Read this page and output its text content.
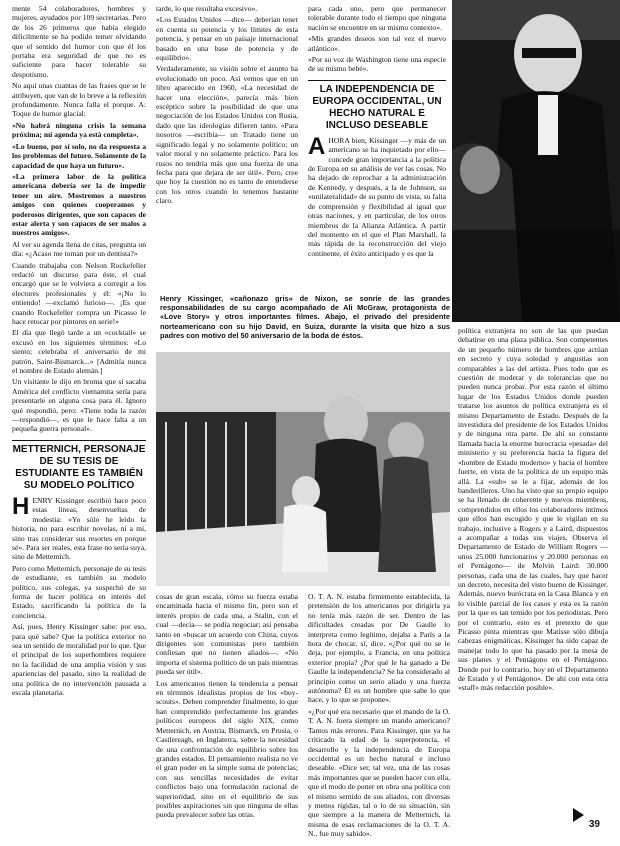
mente 54 colaboradores, hombres y mujeres, ayudados por 109 secretarias. Pero de los 26 primeros que había elegido difícilmente se ha podido temer olvidando que el sentido del humor con que él los portaba era seguridad de que no es suficiente para hacer tolerable su despotismo.

No aquí unas cuantas de las frases que se le atribuyen, que van de lo breve a la reflexión profundamente. Nunca falla el porque. A: Toque de humor glacial:

«No habrá ninguna crisis la semana próxima; mi agenda ya está completa».

«Lo bueno, por sí solo, no da respuesta a los problemas del futuro. Solamente de la capacidad de que haya un futuro».

«La primera labor de la política americana debería ser la de impedir tener un aire. Mostremos a nuestros amigos con quienes cooperamos y poderosos dirigentes, que son capaces de estar alerta y son capaces de ser malos a nuestros amigos».

Al ver su agenda llena de citas, pregunta un día: «¿Acaso me toman por un dentista?»

Cuando trabajaba con Nelson Rockefeller redactó un discurso para éste, el cual encargó que se le volviera a corregir a los electores profesionales y él: «¡No lo entiendo! —exclamó furioso—. ¡Es que cuando Rockefeller compra un Picasso le hace retocar por pintores en serie!»

El día que llegó tarde a un «cocktail» se excusó en los siguientes términos: «Lo siento; celebraba el aniversario de mi patrón, Saint-Bismarck...» [Admitía nunca el nombre de Estado alemán.]

Un visitante le dijo en broma que si sacaba América del conflicto vietnamita sería para presentarle en alguna cosa para él. Ignoro qué respondió, pero: «Tiene toda la razón —respondió—, es que le hace falta a un pequeña guerra personal».

METTERNICH, PERSONAJE DE SU TESIS DE ESTUDIANTE ES TAMBIÉN SU MODELO POLÍTICO

H ENRY Kissinger escribió hace poco estas líneas, desenvueltas de modestia: «Yo sólo he leído la historia, no para escribir novelas, ni a mí, sino tras considerar sus resortes en porque sé». Para ser reales, esta frase no sería suya, sino de Metternich.

Pero como Metternich, personaje de su tesis de estudiante, es también su modelo político, sus colegas, ya sospechó de su forma de hacer política en interés del Estado, sacrificando la política de la conciencia.

Así, pues, Henry Kissinger sabe: por eso, para qué sabe? Que la política exterior no sea un sentido de moralidad por lo que. Que el principal de los superhombres requiere no la facilidad de una amplia visión y sus apariencias del pasado, sino la realidad de una política de no intervención pausada a escala planetaria.

tarde, lo que resultaba excesivo».

«Los Estados Unidos —dice— deberían tener en cuenta su potencia y los límites de esta potencia, y pensar en un paisaje internacional basado en una base de potencia y de equilibrio».

Verdaderamente, su visión sobre el asunto ha evolucionado un poco. Así vemos que en un libro aparecido en 1960, «La necesidad de hacer una elección», parecía más bien escéptico sobre la posibilidad de que una negociación de los Estados Unidos con Rusia, dado que las ideologías difieren tanto. «Para nosotros —escribía— un Tratado tiene un significado legal y no solamente político; un valor moral y no solamente práctico. Para los rusos no tendría más que una fuerza de una fecha para que dejara de ser útil». Pero, cree que hoy la cuestión no es tanto de entenderse con los otros cuando lo tenemos bastante claro.

para cada uno, pero que permanecer tolerable durante todo el tiempo que ninguna nación se encuentre en su mismo contexto».

«Mis grandes deseos son tal vez el nuevo atlántico».

«Por su voz de Washington tiene una especie de su mismo bebé».

LA INDEPENDENCIA DE EUROPA OCCIDENTAL, UN HECHO NATURAL E INCLUSO DESEABLE

A HORA bien, Kissinger —y más de un americano se ha inquietado por ello— concede gran importancia a la política de Europa en su análisis de ver las cosas. No ha dejado de reprochar a la administración de Kennedy, y después, a la de Johnson, su «unilateralidad» de su punto de vista, su falta de comprensión y flexibilidad al igual que otras naciones, y en particular, de los otros miembros de la Alianza Atlántica. A partir del momento en el que el Plan Marshall, la más rápida de la reconstrucción del viejo continente, el éxito anticipado y es que la

Henry Kissinger, «cañonazo gris» de Nixon, se sonríe de las grandes responsabilidades de su cargo acompañado de Ali McGraw, protagonista de «Love Story» y otros importantes filmes. Abajo, el privado del presidente norteamericano con su hijo David, en Suiza, durante la visita que hizo a sus padres con motivo del 50 aniversario de la boda de éstos.

cosas de gran escala, cómo su fuerza estaba encaminada hacia el mismo fin, pero son el interés propio de cada una, a Stalin, con el cual —decía— se podía negociar; así pensaba tanto en «buscar un acuerdo con China, cuyos dirigentes son comunistas pero también confiesan que no tienen aliados—. «No importa el sistema político de un país mientras pueda ser útil».

Los americanos tienen la tendencia a pensar en términos idealistas propios de los «boy-scouts». Deben comprender finalmente, lo que han comprendido perfectamente los grandes políticos europeos del siglo XIX, como Metternich, en Austria, Bismarck, en Prusia, o Castlereagh, en Inglaterra, sobre la necesidad de una confrontación de equilibrio sobre los grandes estados. El pensamiento realista no ve el gran poder en la simple suma de potencias; con sus sencillas necesidades de evitar conflictos bajo una formulación racional de superioridad, sino en el equilibrio de sus posibles aspiraciones sin que ninguna de ellas pueda prevalecer sobre las otras.

O. T. A. N. estaba firmemente establecida, la pretensión de los americanos por dirigirla ya no tenía más razón de ser. Dentro de las dificultades creadas por De Gaulle lo interpreta como legítimo, dejaba a París a la hora de chocar, sí, dice, «¿Por qué no se le deja, por ejemplo, a Francia, en una política exterior propia? ¿Por qué le ha ganado a De Gaulle la independencia? Se ha considerado al principio como un serio aliado y una fuerza autónoma? Él es un hombre que sabe lo que hace, y lo que se propone».

«¿Por qué era necesario que el mando de la O. T. A. N. fuera siempre un mando americano? Tantos más errores. Para Kissinger, que ya ha criticado la edad de la superpotencia, el desarrollo y la independencia de Europa occidental es un hecho natural e incluso deseable. «Dice ser, tal vez, una de las cosas más importantes que se pueden hacer con ella, que el modo de poner en obra una política con el mismo sentido de sus aliados, con diversas y menos rígidas, tal o lo de su situación, sin que siempre a la manera de Metternich, la misma de esas reclamaciones de la O. T. A. N., fue muy sabido».

política extranjera no son de las que puedan debatirse en una plaza pública. Son competentes de un pequeño número de hombres que actúan en secreto y cuya soledad y angustias son comparables a las del artista. Pues todo que es cuestión de moderar y de tolerancias que no pueden nunca probar. Por esta razón el último lugar de los Estados Unidos donde pueden tratarse los asuntos de política extranjera es el mismo Departamento de Estado. Después de la investidura del presidente de los Estados Unidos y de ninguna otra parte. De ahí su constante llamada hacia la enorme burocracia «pesada» del ministerio y su preferencia hacia la figura del «hombre de Estado moderno» y hacia el hombre fuerte, en vista de la política de un equipo más allá. La «sub» se le a fijar, además de los banderilleros. Uno ha visto que su propio equipo se ha llenado de coherente y nuevos miembros, comprendidos en ellos los colaboradores íntimos que ellos han escogido y que le vigilan en su trabajo, inclusive a Rogers y a Laird, dispuestos a acompañar a todas sus viajes, Observa el Departamento de Estado de William Rogers —unos 25.000 funcionarios y 20.000 personas en el Pentágono— de Melvin Laird: 30.000 personas, cada una de las cuales, hay que hacer un decreto, necesita del visto bueno de Kissinger. Además, nuevo burócrata en la Casa Blanca y en lo visible parcial de los casos y esta es la razón por la que es tan temido por los periodistas. Pero por el contrario, esto es el pretexto de que Picasso pinta mientras que Matisse sólo dibuja cabezas enigmáticas, Kissinger ha sido capaz de manejar todo lo que ha pasado por la mesa de sus planes y el Pentágono en el Pentágono. Donde por lo contrario, hoy en el Departamento de Estado y el Pentágono». De ahí con esta otra «staff» más redacción posible».

39
